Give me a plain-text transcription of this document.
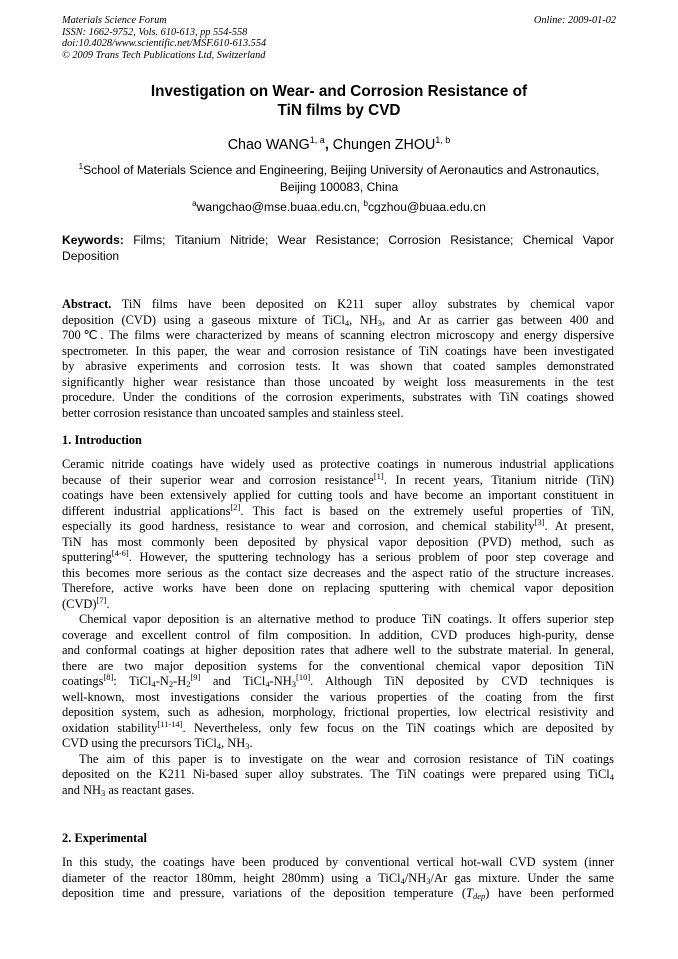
Materials Science Forum
ISSN: 1662-9752, Vols. 610-613, pp 554-558
doi:10.4028/www.scientific.net/MSF.610-613.554
© 2009 Trans Tech Publications Ltd, Switzerland
Online: 2009-01-02
Investigation on Wear- and Corrosion Resistance of
TiN films by CVD
Chao WANG$^{1, a}$, Chungen ZHOU$^{1, b}$
$^1$School of Materials Science and Engineering, Beijing University of Aeronautics and Astronautics,
Beijing 100083, China
$^a$wangchao@mse.buaa.edu.cn, $^b$cgzhou@buaa.edu.cn
Keywords: Films; Titanium Nitride; Wear Resistance; Corrosion Resistance; Chemical Vapor
Deposition
Abstract. TiN films have been deposited on K211 super alloy substrates by chemical vapor
deposition (CVD) using a gaseous mixture of TiCl$_4$, $NH_3$, and Ar as carrier gas between 400 and
700℃. The films were characterized by means of scanning electron microscopy and energy dispersive
spectrometer. In this paper, the wear and corrosion resistance of TiN coatings have been investigated
by abrasive experiments and corrosion tests. It was shown that coated samples demonstrated
significantly higher wear resistance than those uncoated by weight loss measurements in the test
procedure. Under the conditions of the corrosion experiments, substrates with TiN coatings showed
better corrosion resistance than uncoated samples and stainless steel.
1. Introduction
Ceramic nitride coatings have widely used as protective coatings in numerous industrial applications
because of their superior wear and corrosion resistance[1]. In recent years, Titanium nitride (TiN)
coatings have been extensively applied for cutting tools and have become an important constituent in
different industrial applications[2]. This fact is based on the extremely useful properties of TiN,
especially its good hardness, resistance to wear and corrosion, and chemical stability[3]. At present,
TiN has most commonly been deposited by physical vapor deposition (PVD) method, such as
sputtering[4-6]. However, the sputtering technology has a serious problem of poor step coverage and
this becomes more serious as the contact size decreases and the aspect ratio of the structure increases.
Therefore, active works have been done on replacing sputtering with chemical vapor deposition
(CVD)[7].
Chemical vapor deposition is an alternative method to produce TiN coatings. It offers superior step
coverage and excellent control of film composition. In addition, CVD produces high-purity, dense
and conformal coatings at higher deposition rates that adhere well to the substrate material. In general,
there are two major deposition systems for the conventional chemical vapor deposition TiN
coatings[8]: $TiCl_4-N_2-H_2[9]$ and $TiCl_4-NH_3[10]$. Although TiN deposited by CVD techniques is
well-known, most investigations consider the various properties of the coating from the first
deposition system, such as adhesion, morphology, frictional properties, low electrical resistivity and
oxidation stability[11-14]. Nevertheless, only few focus on the TiN coatings which are deposited by
CVD using the precursors TiCl$_4$, $NH_3$.
The aim of this paper is to investigate on the wear and corrosion resistance of TiN coatings
deposited on the K211 Ni-based super alloy substrates. The TiN coatings were prepared using TiCl$_4$
and $NH_3$ as reactant gases.
2. Experimental
In this study, the coatings have been produced by conventional vertical hot-wall CVD system (inner
diameter of the reactor 180mm, height 280mm) using a $TiCl_4/NH_3/Ar$ gas mixture. Under the same
deposition time and pressure, variations of the deposition temperature $(T_{dep})$ have been performed
